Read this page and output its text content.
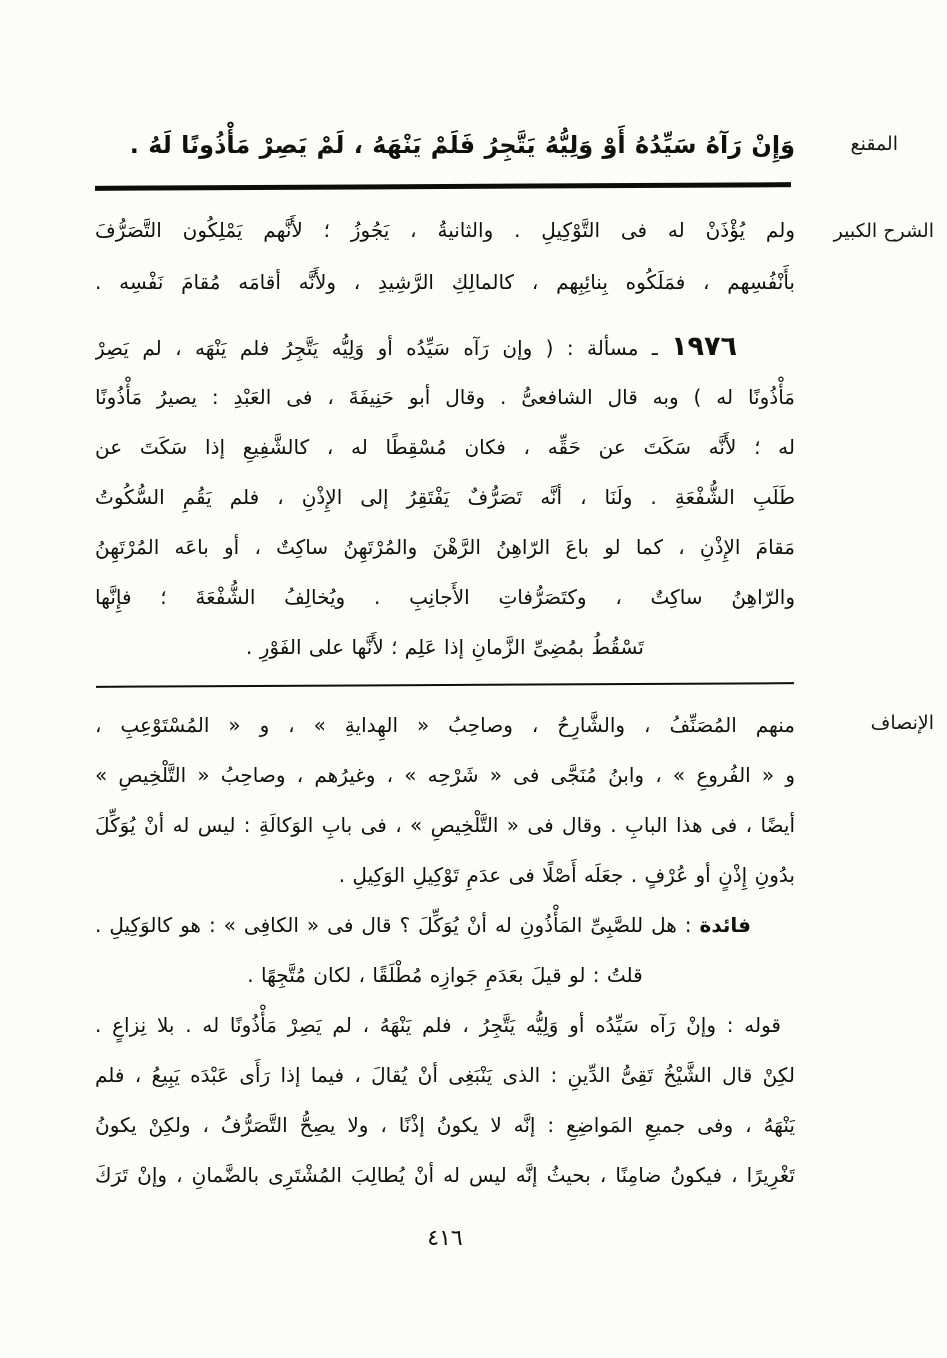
المقنع
الشرح الكبير
الإنصاف
وَإِنْ رَآهُ سَيِّدُهُ أَوْ وَلِيُّهُ يَتَّجِرُ فَلَمْ يَنْهَهُ ، لَمْ يَصِرْ مَأْذُونًا لَهُ .
ولم يُؤْذَنْ له فى التَّوْكِيلِ . والثانيةُ ، يَجُوزُ ؛ لأَنَّهم يَمْلِكُون التَّصَرُّفَ
بأَنْفُسِهم ، فمَلَكُوه بِنائِبِهم ، كالمالِكِ الرَّشِيدِ ، ولأَنَّه أقامَه مُقامَ نَفْسِه .
١٩٧٦ ـ مسألة : ( وإن رَآه سَيِّدُه أو وَلِيُّه يَتَّجِرُ فلم يَنْهَه ، لم يَصِرْ
مَأْذُونًا له ) وبه قال الشافعىُّ . وقال أبو حَنِيفَةَ ، فى العَبْدِ : يصيرُ مَأْذُونًا
له ؛ لأَنَّه سَكَتَ عن حَقِّه ، فكان مُسْقِطًا له ، كالشَّفِيعِ إذا سَكَتَ عن
طَلَبِ الشُّفْعَةِ . ولَنَا ، أنَّه تَصَرُّفٌ يَفْتَقِرُ إلى الإِذْنِ ، فلم يَقُمِ السُّكُوتُ
مَقامَ الإِذْنِ ، كما لو باعَ الرّاهِنُ الرَّهْنَ والمُرْتَهِنُ ساكِتٌ ، أو باعَه المُرْتَهِنُ
والرّاهِنُ ساكِتٌ ، وكتَصَرُّفاتِ الأَجانِبِ . ويُخالِفُ الشُّفْعَةَ ؛ فإِنَّها
تَسْقُطُ بمُضِىِّ الزَّمانِ إذا عَلِم ؛ لأَنَّها على الفَوْرِ .
منهم المُصَنِّفُ ، والشَّارِحُ ، وصاحِبُ « الهِدايةِ » ، و « المُسْتَوْعِبِ ،
و « الفُروعِ » ، وابنُ مُنَجَّى فى « شَرْحِه » ، وغيرُهم ، وصاحِبُ « التَّلْخِيصِ »
أيضًا ، فى هذا البابِ . وقال فى « التَّلْخِيصِ » ، فى بابِ الوَكالَةِ : ليس له أنْ يُوَكِّلَ
بدُونِ إِذْنٍ أو عُرْفٍ . جعَلَه أَصْلًا فى عدَمِ تَوْكِيلِ الوَكِيلِ .
فائدة : هل للصَّبِىِّ المَأْذُونِ له أنْ يُوَكِّلَ ؟ قال فى « الكافِى » : هو كالوَكِيلِ .
قلتُ : لو قيلَ بعَدَمِ جَوازِه مُطْلَقًا ، لكان مُتَّجِهًا .
قوله : وإنْ رَآه سَيِّدُه أو وَلِيُّه يَتَّجِرُ ، فلم يَنْهَهُ ، لم يَصِرْ مَأْذُونًا له . بلا نِزاعٍ .
لكِنْ قال الشَّيْخُ تَقِىُّ الدِّينِ : الذى يَنْبَغِى أنْ يُقالَ ، فيما إذا رَأَى عَبْدَه يَبِيعُ ، فلم
يَنْهَهُ ، وفى جميعِ المَواضِعِ : إنَّه لا يكونُ إذْنًا ، ولا يصِحُّ التَّصَرُّفُ ، ولكِنْ يكونُ
تَغْرِيرًا ، فيكونُ ضامِنًا ، بحيثُ إنَّه ليس له أنْ يُطالِبَ المُشْتَرِى بالضَّمانِ ، وإنْ تَرَكَ
٤١٦
